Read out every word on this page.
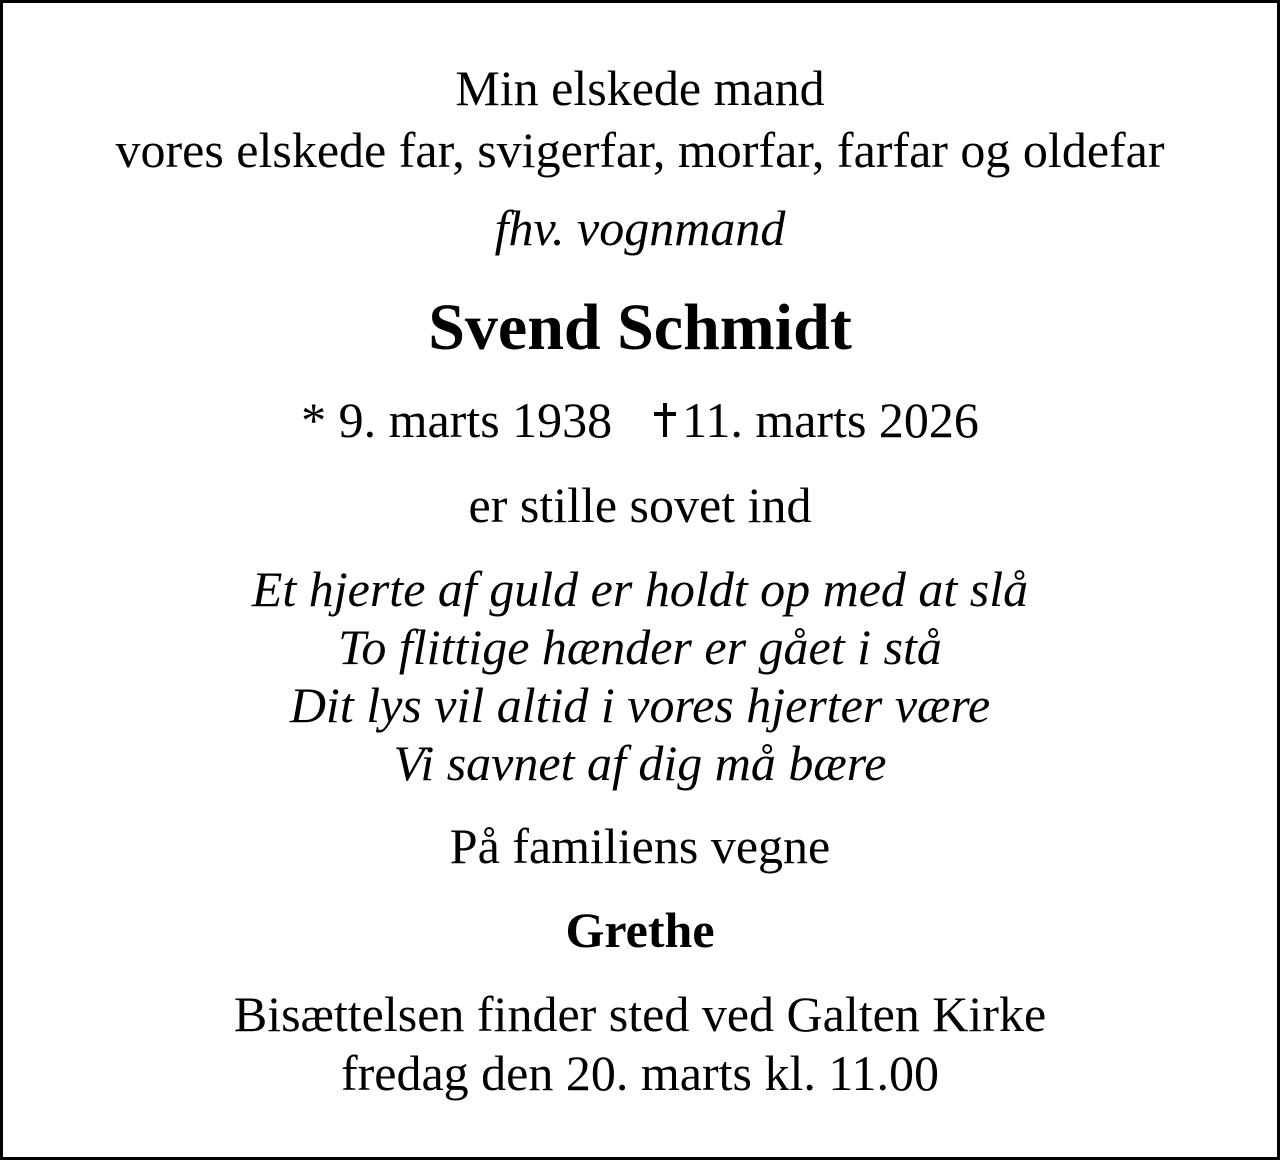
Min elskede mand

vores elskede far, svigerfar, morfar, farfar og oldefar

fhv. vognmand

Svend Schmidt

* 9. marts 1938 11. marts 2026

er stille sovet ind

Et hjerte af guld er holdt op med at slå

To flittige hænder er gået i stå

Dit lys vil altid i vores hjerter være

Vi savnet af dig må bære

På familiens vegne

Grethe

Bisættelsen finder sted ved Galten Kirke

fredag den 20. marts kl. 11.00
